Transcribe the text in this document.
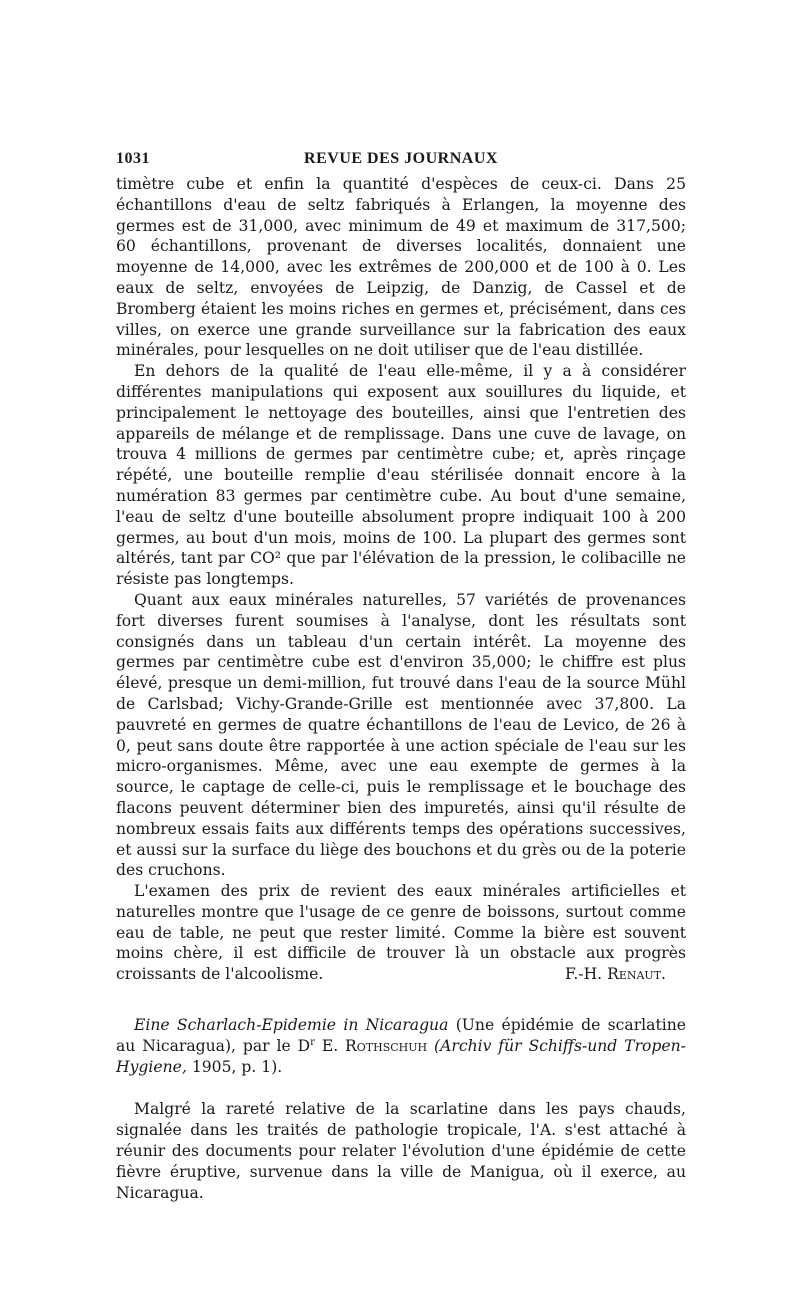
1031	REVUE DES JOURNAUX

timètre cube et enfin la quantité d'espèces de ceux-ci. Dans 25 échantillons d'eau de seltz fabriqués à Erlangen, la moyenne des germes est de 31,000, avec minimum de 49 et maximum de 317,500; 60 échantillons, provenant de diverses localités, donnaient une moyenne de 14,000, avec les extrêmes de 200,000 et de 100 à 0. Les eaux de seltz, envoyées de Leipzig, de Danzig, de Cassel et de Bromberg étaient les moins riches en germes et, précisément, dans ces villes, on exerce une grande surveillance sur la fabrication des eaux minérales, pour lesquelles on ne doit utiliser que de l'eau distillée.

En dehors de la qualité de l'eau elle-même, il y a à considérer différentes manipulations qui exposent aux souillures du liquide, et principalement le nettoyage des bouteilles, ainsi que l'entretien des appareils de mélange et de remplissage. Dans une cuve de lavage, on trouva 4 millions de germes par centimètre cube; et, après rinçage répété, une bouteille remplie d'eau stérilisée donnait encore à la numération 83 germes par centimètre cube. Au bout d'une semaine, l'eau de seltz d'une bouteille absolument propre indiquait 100 à 200 germes, au bout d'un mois, moins de 100. La plupart des germes sont altérés, tant par CO² que par l'élévation de la pression, le colibacille ne résiste pas longtemps.

Quant aux eaux minérales naturelles, 57 variétés de provenances fort diverses furent soumises à l'analyse, dont les résultats sont consignés dans un tableau d'un certain intérêt. La moyenne des germes par centimètre cube est d'environ 35,000; le chiffre est plus élevé, presque un demi-million, fut trouvé dans l'eau de la source Mühl de Carlsbad; Vichy-Grande-Grille est mentionnée avec 37,800. La pauvreté en germes de quatre échantillons de l'eau de Levico, de 26 à 0, peut sans doute être rapportée à une action spéciale de l'eau sur les micro-organismes. Même, avec une eau exempte de germes à la source, le captage de celle-ci, puis le remplissage et le bouchage des flacons peuvent déterminer bien des impuretés, ainsi qu'il résulte de nombreux essais faits aux différents temps des opérations successives, et aussi sur la surface du liège des bouchons et du grès ou de la poterie des cruchons.

L'examen des prix de revient des eaux minérales artificielles et naturelles montre que l'usage de ce genre de boissons, surtout comme eau de table, ne peut que rester limité. Comme la bière est souvent moins chère, il est difficile de trouver là un obstacle aux progrès croissants de l'alcoolisme.	F.-H.
Renaut.
Eine Scharlach-Epidemie in Nicaragua (Une épidémie de scarlatine au Nicaragua), par le $D^r$ E. Rothschuh (Archiv für Schiffs-und Tropen-Hygiene, 1905, p. 1).
Malgré la rareté relative de la scarlatine dans les pays chauds, signalée dans les traités de pathologie tropicale, l'A. s'est attaché à réunir des documents pour relater l'évolution d'une épidémie de cette fièvre éruptive, survenue dans la ville de Manigua, où il exerce, au Nicaragua.
